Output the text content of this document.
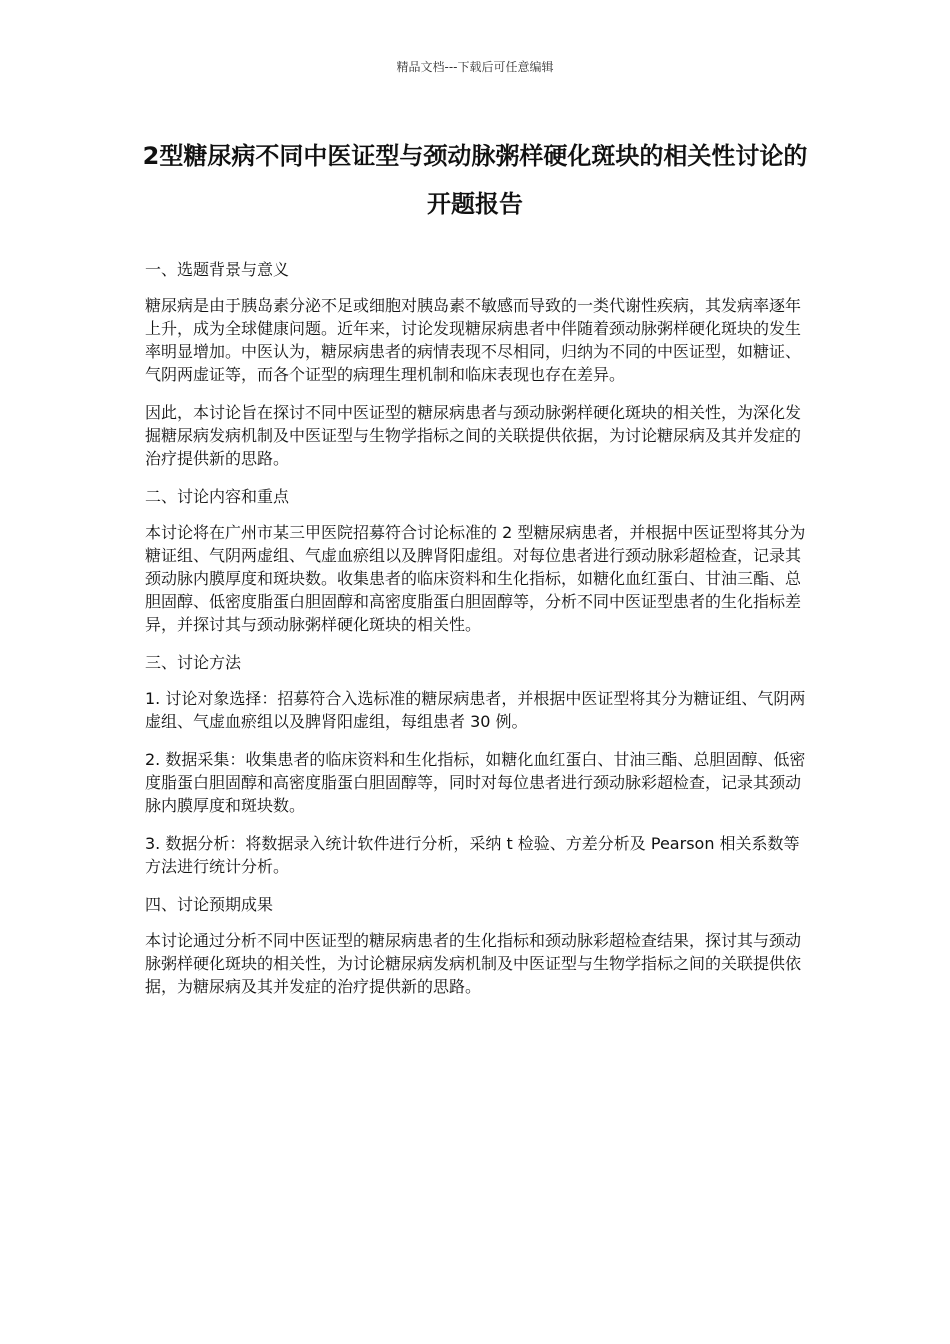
精品文档---下载后可任意编辑
2型糖尿病不同中医证型与颈动脉粥样硬化斑块的相关性讨论的开题报告

一、选题背景与意义

糖尿病是由于胰岛素分泌不足或细胞对胰岛素不敏感而导致的一类代谢性疾病，其发病率逐年上升，成为全球健康问题。近年来，讨论发现糖尿病患者中伴随着颈动脉粥样硬化斑块的发生率明显增加。中医认为，糖尿病患者的病情表现不尽相同，归纳为不同的中医证型，如糖证、气阴两虚证等，而各个证型的病理生理机制和临床表现也存在差异。

因此，本讨论旨在探讨不同中医证型的糖尿病患者与颈动脉粥样硬化斑块的相关性，为深化发掘糖尿病发病机制及中医证型与生物学指标之间的关联提供依据，为讨论糖尿病及其并发症的治疗提供新的思路。

二、讨论内容和重点

本讨论将在广州市某三甲医院招募符合讨论标准的 2 型糖尿病患者，并根据中医证型将其分为糖证组、气阴两虚组、气虚血瘀组以及脾肾阳虚组。对每位患者进行颈动脉彩超检查，记录其颈动脉内膜厚度和斑块数。收集患者的临床资料和生化指标，如糖化血红蛋白、甘油三酯、总胆固醇、低密度脂蛋白胆固醇和高密度脂蛋白胆固醇等，分析不同中医证型患者的生化指标差异，并探讨其与颈动脉粥样硬化斑块的相关性。

三、讨论方法

1. 讨论对象选择：招募符合入选标准的糖尿病患者，并根据中医证型将其分为糖证组、气阴两虚组、气虚血瘀组以及脾肾阳虚组，每组患者 30 例。

2. 数据采集：收集患者的临床资料和生化指标，如糖化血红蛋白、甘油三酯、总胆固醇、低密度脂蛋白胆固醇和高密度脂蛋白胆固醇等，同时对每位患者进行颈动脉彩超检查，记录其颈动脉内膜厚度和斑块数。

3. 数据分析：将数据录入统计软件进行分析，采纳 t 检验、方差分析及 Pearson 相关系数等方法进行统计分析。

四、讨论预期成果

本讨论通过分析不同中医证型的糖尿病患者的生化指标和颈动脉彩超检查结果，探讨其与颈动脉粥样硬化斑块的相关性，为讨论糖尿病发病机制及中医证型与生物学指标之间的关联提供依据，为糖尿病及其并发症的治疗提供新的思路。
